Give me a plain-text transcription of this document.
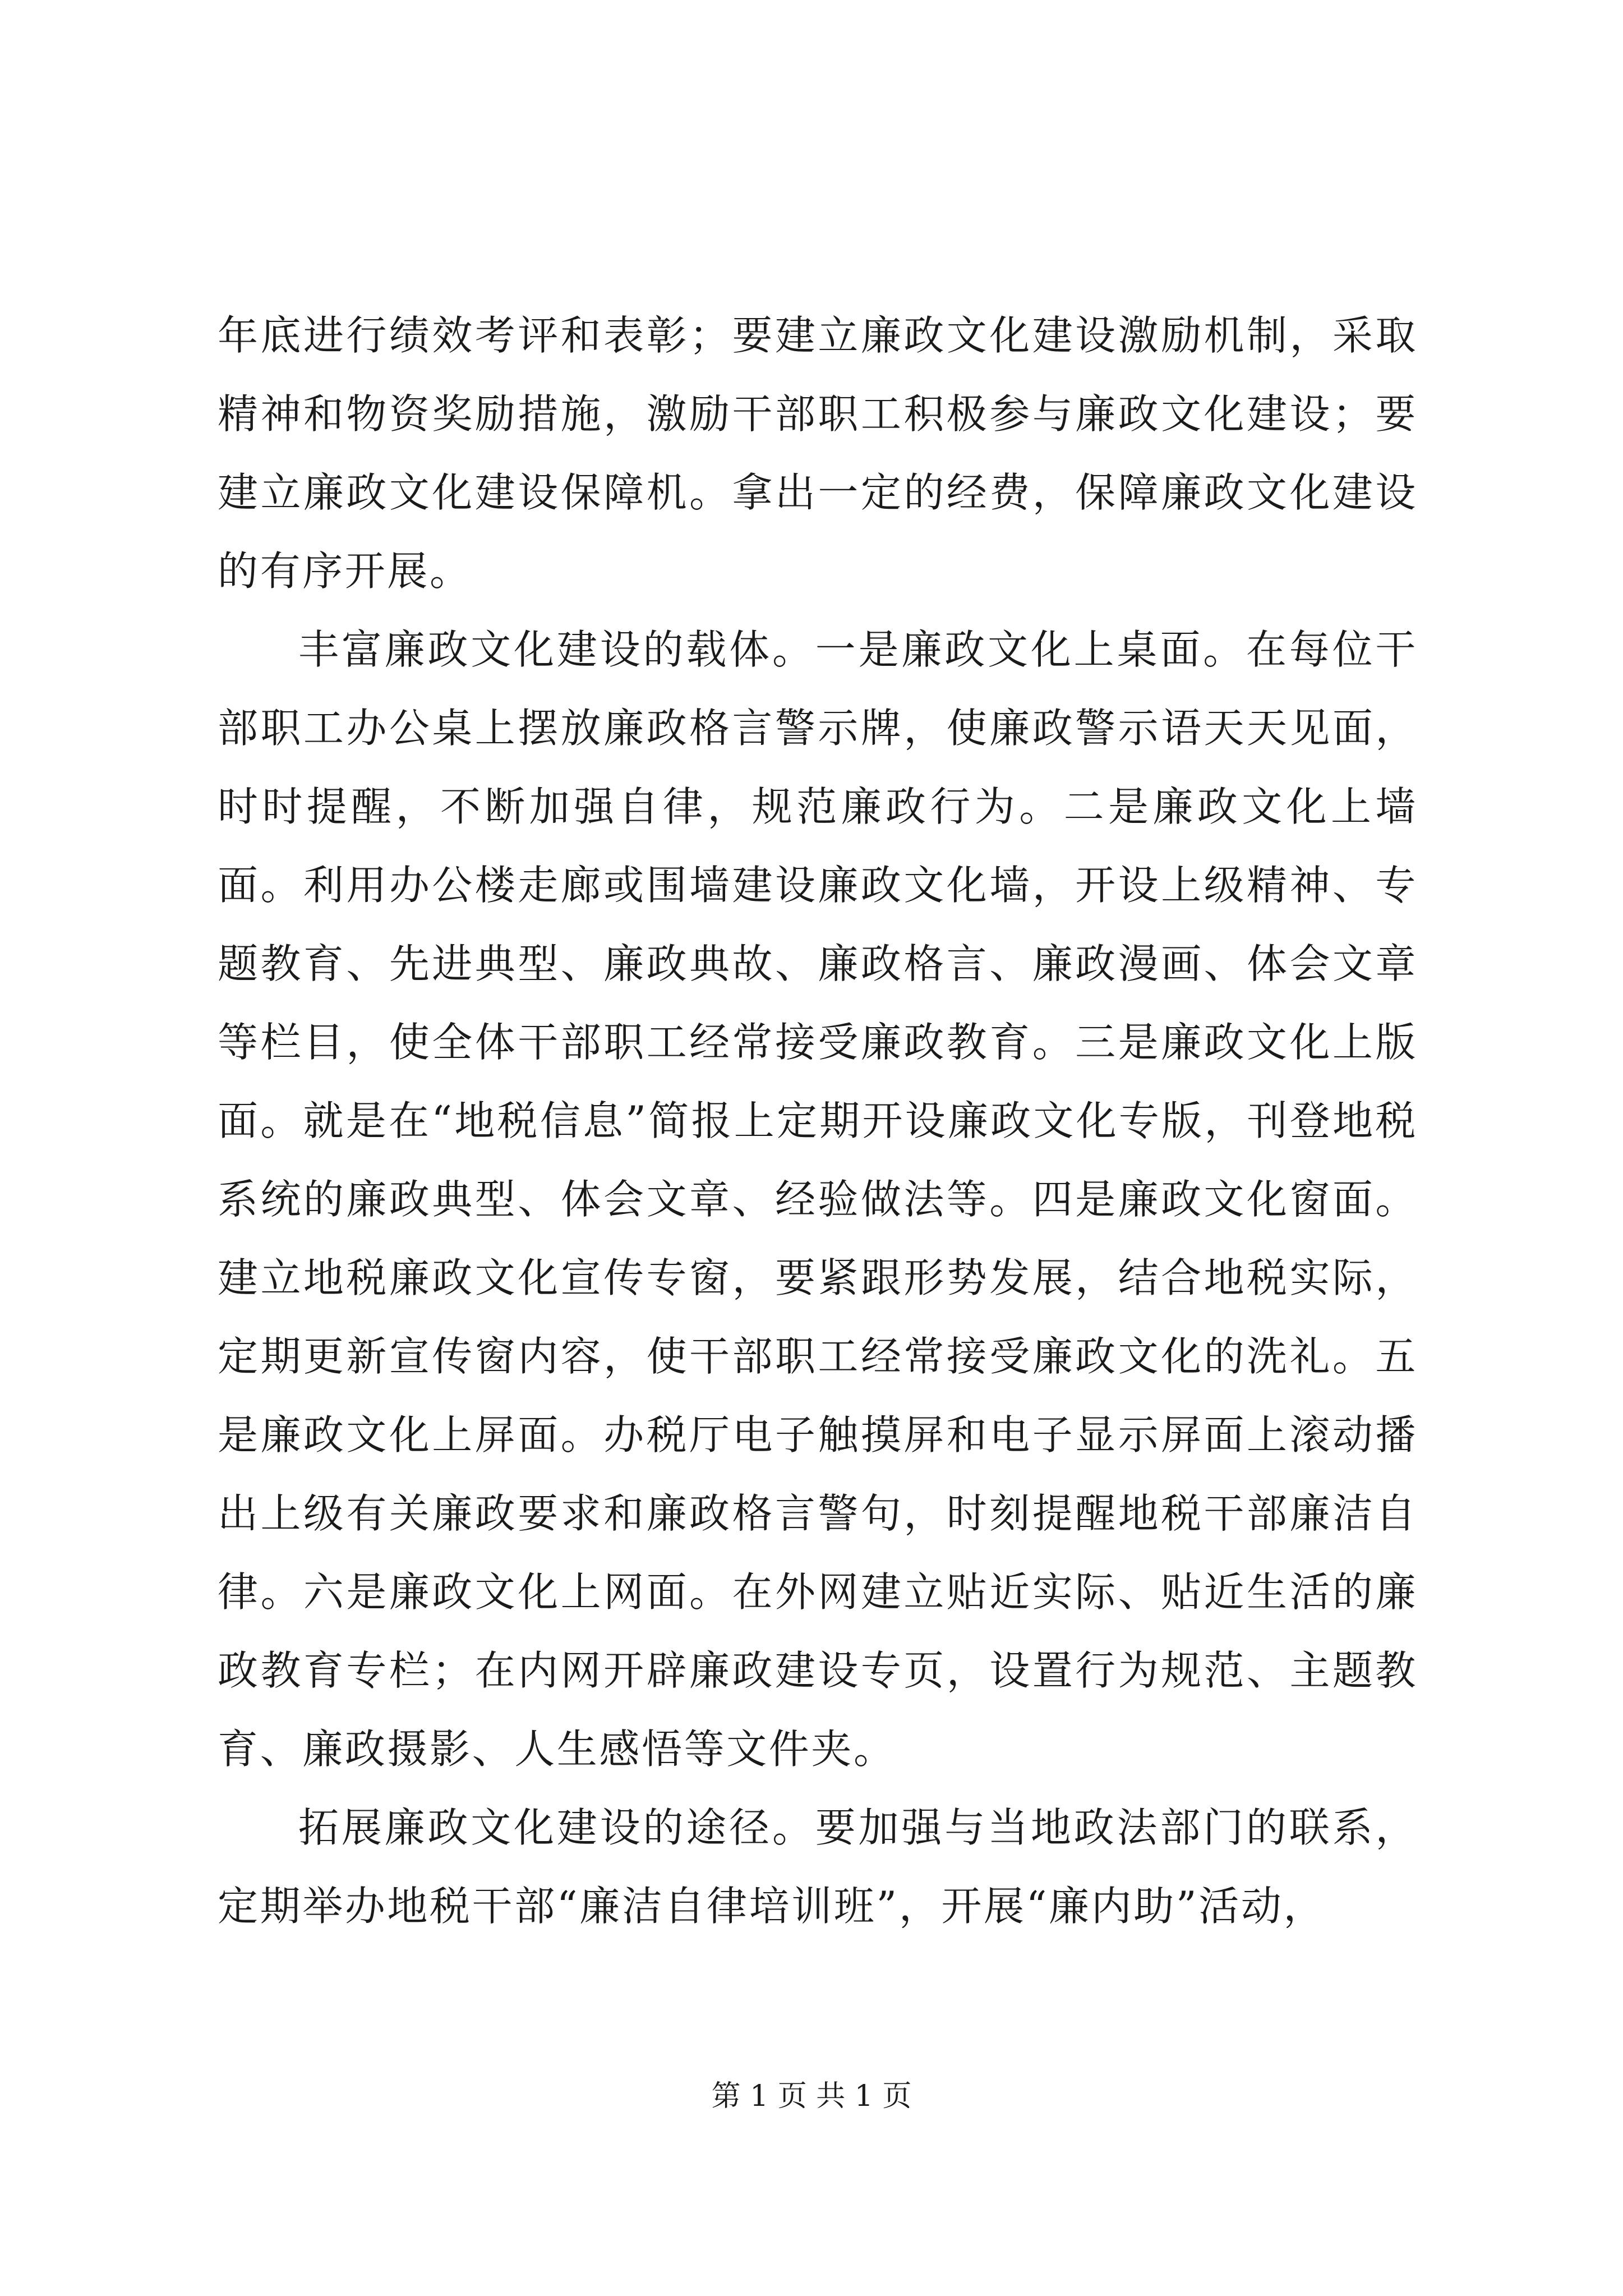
年底进行绩效考评和表彰；要建立廉政文化建设激励机制，采取精神和物资奖励措施，激励干部职工积极参与廉政文化建设；要建立廉政文化建设保障机。拿出一定的经费，保障廉政文化建设的有序开展。

丰富廉政文化建设的载体。一是廉政文化上桌面。在每位干部职工办公桌上摆放廉政格言警示牌，使廉政警示语天天见面，时时提醒，不断加强自律，规范廉政行为。二是廉政文化上墙面。利用办公楼走廊或围墙建设廉政文化墙，开设上级精神、专题教育、先进典型、廉政典故、廉政格言、廉政漫画、体会文章等栏目，使全体干部职工经常接受廉政教育。三是廉政文化上版面。就是在“地税信息”简报上定期开设廉政文化专版，刊登地税系统的廉政典型、体会文章、经验做法等。四是廉政文化窗面。建立地税廉政文化宣传专窗，要紧跟形势发展，结合地税实际，定期更新宣传窗内容，使干部职工经常接受廉政文化的洗礼。五是廉政文化上屏面。办税厅电子触摸屏和电子显示屏面上滚动播出上级有关廉政要求和廉政格言警句，时刻提醒地税干部廉洁自律。六是廉政文化上网面。在外网建立贴近实际、贴近生活的廉政教育专栏；在内网开辟廉政建设专页，设置行为规范、主题教育、廉政摄影、人生感悟等文件夹。

拓展廉政文化建设的途径。要加强与当地政法部门的联系，定期举办地税干部“廉洁自律培训班”，开展“廉内助”活动，

第 1 页 共 1 页
